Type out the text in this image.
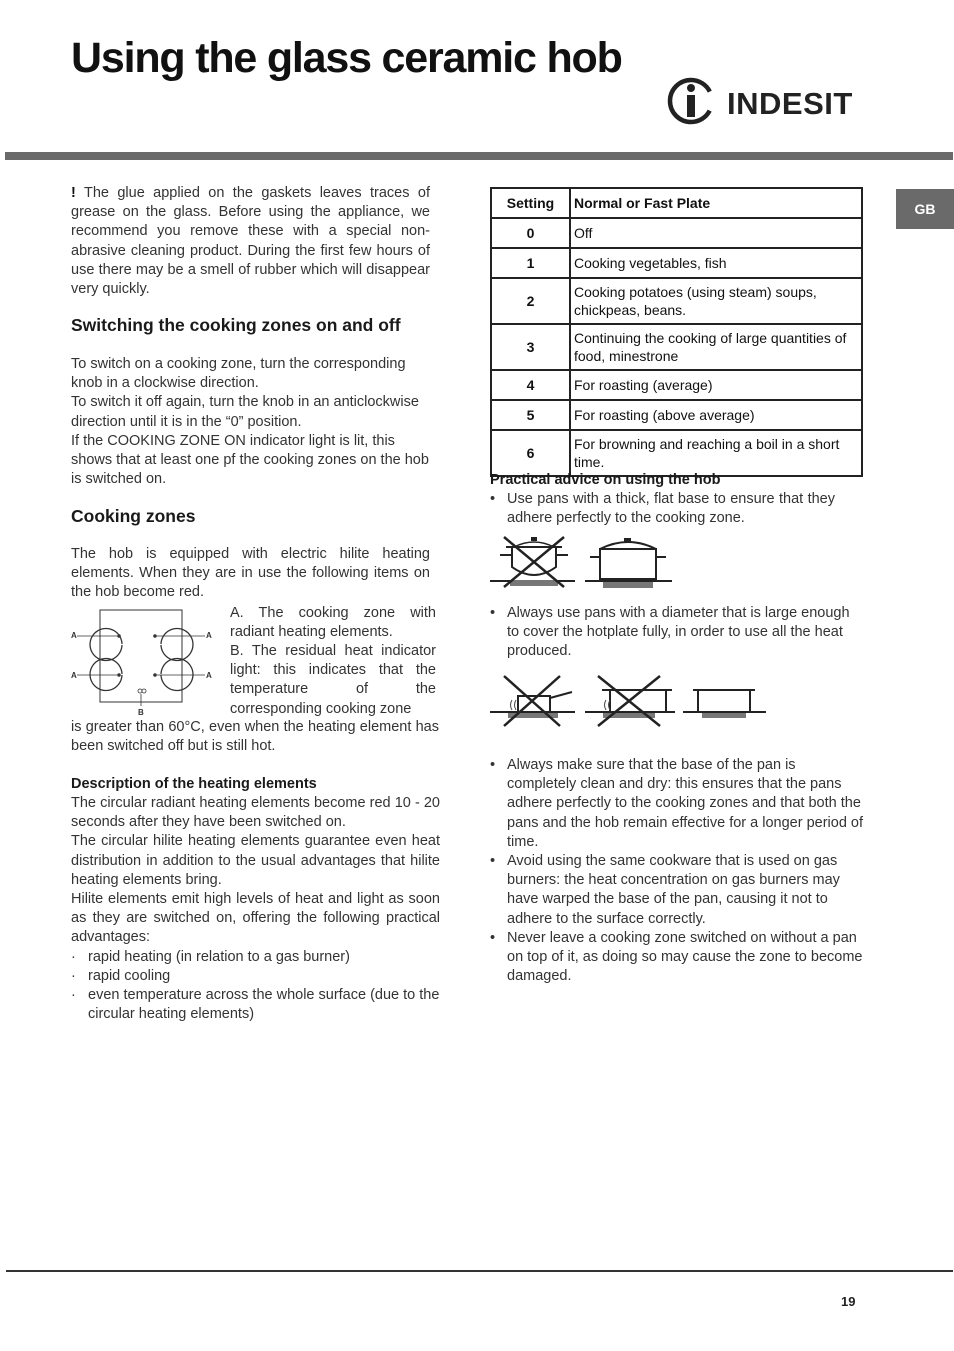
Using the glass ceramic hob
INDESIT
GB
! The glue applied on the gaskets leaves traces of grease on the glass. Before using the appliance, we recommend you remove these with a special non-abrasive cleaning product. During the first few hours of use there may be a smell of rubber which will disappear very quickly.
Switching the cooking zones on and off
To switch on a cooking zone, turn the corresponding knob in a clockwise direction.
To switch it off again, turn the knob in an anticlockwise direction until it is in the “0” position.
If the COOKING ZONE ON indicator light is lit, this shows that at least one pf the cooking zones on the hob is switched on.
Cooking zones
The hob is equipped with electric hilite heating elements. When they are in use the following items on the hob become red.
A	A
A	A
B
A. The cooking zone with radiant heating elements.
B. The residual heat indicator light: this indicates that the temperature of the corresponding cooking zone
is greater than 60°C, even when the heating element has been switched off but is still hot.
Description of the heating elements
The circular radiant heating elements become red 10 - 20 seconds after they have been switched on.
The circular hilite heating elements guarantee even heat distribution in addition to the usual advantages that hilite heating elements bring.
Hilite elements emit high levels of heat and light as soon as they are switched on, offering the following practical advantages:
· rapid heating (in relation to a gas burner)
· rapid cooling
· even temperature across the whole surface (due to the circular heating elements)
Setting	Normal or Fast Plate
0	Off
1	Cooking vegetables, fish
2	Cooking potatoes (using steam) soups, chickpeas, beans.
3	Continuing the cooking of large quantities of food, minestrone
4	For roasting (average)
5	For roasting (above average)
6	For browning and reaching a boil in a short time.
Practical advice on using the hob
• Use pans with a thick, flat base to ensure that they adhere perfectly to the cooking zone.
• Always use pans with a diameter that is large enough to cover the hotplate fully, in order to use all the heat produced.
• Always make sure that the base of the pan is completely clean and dry: this ensures that the pans adhere perfectly to the cooking zones and that both the pans and the hob remain effective for a longer period of time.
• Avoid using the same cookware that is used on gas burners: the heat concentration on gas burners may have warped the base of the pan, causing it not to adhere to the surface correctly.
• Never leave a cooking zone switched on without a pan on top of it, as doing so may cause the zone to become damaged.
19
